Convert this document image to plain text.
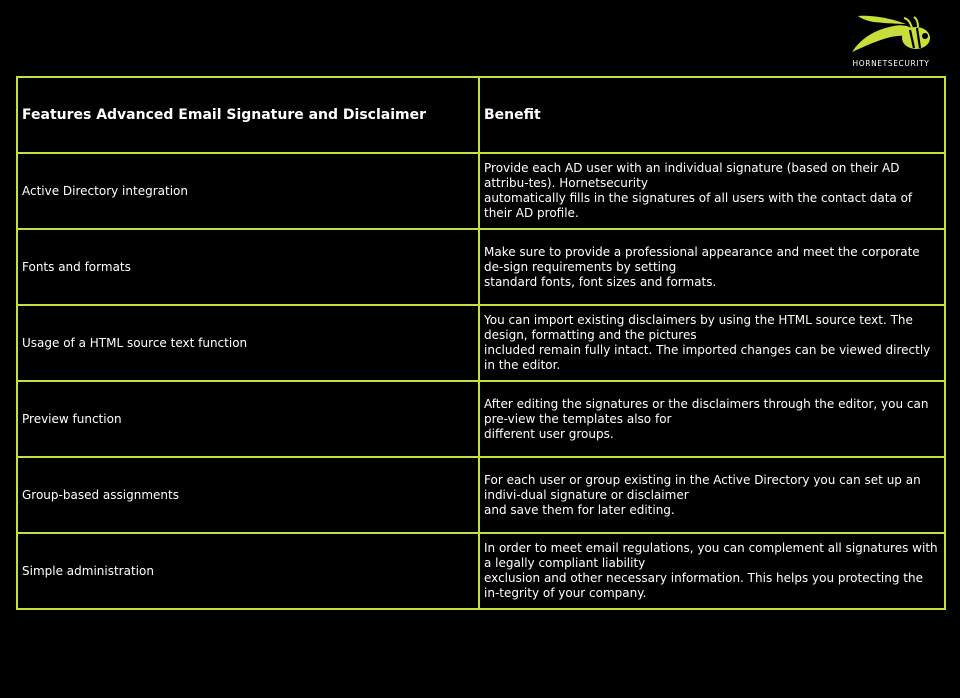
HORNETSECURITY
Features Advanced Email Signature and Disclaimer	Benefit
Active Directory integration	Provide each AD user with an individual signature (based on their AD attribu-tes). Hornetsecurity
automatically fills in the signatures of all users with the contact data of their AD profile.

Fonts and formats	Make sure to provide a professional appearance and meet the corporate de-sign requirements by setting
standard fonts, font sizes and formats.

Usage of a HTML source text function	You can import existing disclaimers by using the HTML source text. The design, formatting and the pictures
included remain fully intact. The imported changes can be viewed directly in the editor.

Preview function	After editing the signatures or the disclaimers through the editor, you can pre-view the templates also for
different user groups.

Group-based assignments	For each user or group existing in the Active Directory you can set up an indivi-dual signature or disclaimer
and save them for later editing.

Simple administration	In order to meet email regulations, you can complement all signatures with a legally compliant liability
exclusion and other necessary information. This helps you protecting the in-tegrity of your company.
